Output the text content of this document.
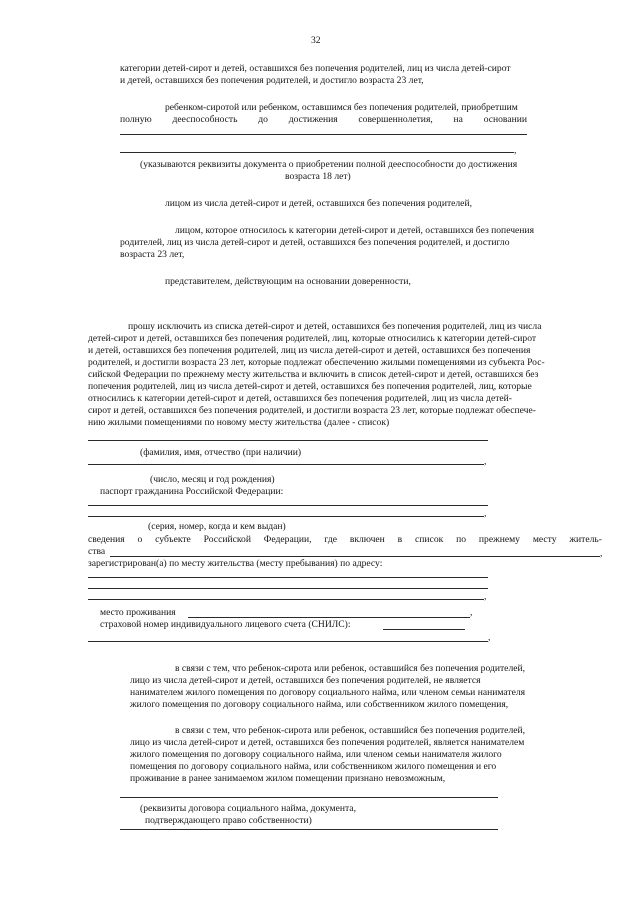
32
категории детей-сирот и детей, оставшихся без попечения родителей, лиц из числа детей-сирот
и детей, оставшихся без попечения родителей, и достигло возраста 23 лет,
ребенком-сиротой или ребенком, оставшимся без попечения родителей, приобретшим
полную дееспособность до достижения совершеннолетия, на основании
,
(указываются реквизиты документа о приобретении полной дееспособности до достижения
возраста 18 лет)
лицом из числа детей-сирот и детей, оставшихся без попечения родителей,
лицом, которое относилось к категории детей-сирот и детей, оставшихся без попечения
родителей, лиц из числа детей-сирот и детей, оставшихся без попечения родителей, и достигло
возраста 23 лет,
представителем, действующим на основании доверенности,
прошу исключить из списка детей-сирот и детей, оставшихся без попечения родителей, лиц из числа
детей-сирот и детей, оставшихся без попечения родителей, лиц, которые относились к категории детей-сирот
и детей, оставшихся без попечения родителей, лиц из числа детей-сирот и детей, оставшихся без попечения
родителей, и достигли возраста 23 лет, которые подлежат обеспечению жилыми помещениями из субъекта Рос-
сийской Федерации по прежнему месту жительства и включить в список детей-сирот и детей, оставшихся без
попечения родителей, лиц из числа детей-сирот и детей, оставшихся без попечения родителей, лиц, которые
относились к категории детей-сирот и детей, оставшихся без попечения родителей, лиц из числа детей-
сирот и детей, оставшихся без попечения родителей, и достигли возраста 23 лет, которые подлежат обеспече-
нию жилыми помещениями по новому месту жительства (далее - список)
(фамилия, имя, отчество (при наличии)
,
(число, месяц и год рождения)
паспорт гражданина Российской Федерации:
,
(серия, номер, когда и кем выдан)
сведения о субъекте Российской Федерации, где включен в список по прежнему месту житель-
ства	,
зарегистрирован(а) по месту жительства (месту пребывания) по адресу:
,
место проживания	,
страховой номер индивидуального лицевого счета (СНИЛС):
,
в связи с тем, что ребенок-сирота или ребенок, оставшийся без попечения родителей,
лицо из числа детей-сирот и детей, оставшихся без попечения родителей, не является
нанимателем жилого помещения по договору социального найма, или членом семьи нанимателя
жилого помещения по договору социального найма, или собственником жилого помещения,
в связи с тем, что ребенок-сирота или ребенок, оставшийся без попечения родителей,
лицо из числа детей-сирот и детей, оставшихся без попечения родителей, является нанимателем
жилого помещения по договору социального найма, или членом семьи нанимателя жилого
помещения по договору социального найма, или собственником жилого помещения и его
проживание в ранее занимаемом жилом помещении признано невозможным,
(реквизиты договора социального найма, документа,
подтверждающего право собственности)
